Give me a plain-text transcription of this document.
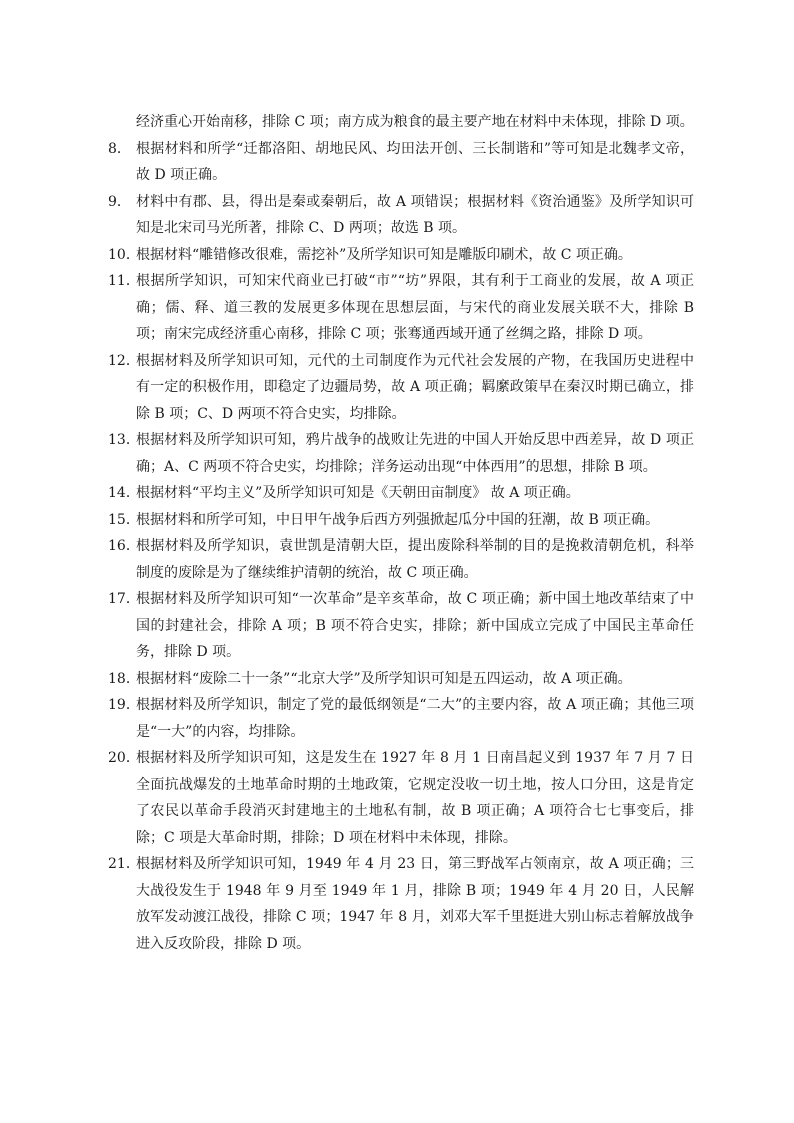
经济重心开始南移，排除 C 项；南方成为粮食的最主要产地在材料中未体现，排除 D 项。
8． 根据材料和所学“迁都洛阳、胡地民风、均田法开创、三长制谐和”等可知是北魏孝文帝，故 D 项正确。
9． 材料中有郡、县，得出是秦或秦朝后，故 A 项错误；根据材料《资治通鉴》及所学知识可知是北宋司马光所著，排除 C、D 两项；故选 B 项。
10．
根据材料“雕错修改很难，需挖补”及所学知识可知是雕版印刷术，故 C 项正确。
11．
根据所学知识，可知宋代商业已打破“市”“坊”界限，其有利于工商业的发展，故 A 项正确；儒、释、道三教的发展更多体现在思想层面，与宋代的商业发展关联不大，排除 B 项；南宋完成经济重心南移，排除 C 项；张骞通西域开通了丝绸之路，排除 D 项。
12．
根据材料及所学知识可知，元代的土司制度作为元代社会发展的产物，在我国历史进程中有一定的积极作用，即稳定了边疆局势，故 A 项正确；羁縻政策早在秦汉时期已确立，排除 B 项；C、D 两项不符合史实，均排除。
13．
根据材料及所学知识可知，鸦片战争的战败让先进的中国人开始反思中西差异，故 D 项正确；A、C 两项不符合史实，均排除；洋务运动出现“中体西用”的思想，排除 B 项。
14．
根据材料“平均主义”及所学知识可知是《天朝田亩制度》 故 A 项正确。
15．
根据材料和所学可知，中日甲午战争后西方列强掀起瓜分中国的狂潮，故 B 项正确。
16．
根据材料及所学知识，袁世凯是清朝大臣，提出废除科举制的目的是挽救清朝危机，科举制度的废除是为了继续维护清朝的统治，故 C 项正确。
17．
根据材料及所学知识可知“一次革命”是辛亥革命，故 C 项正确；新中国土地改革结束了中国的封建社会，排除 A 项；B 项不符合史实，排除；新中国成立完成了中国民主革命任务，排除 D 项。
18．
根据材料“废除二十一条”“北京大学”及所学知识可知是五四运动，故 A 项正确。
19．
根据材料及所学知识，制定了党的最低纲领是“二大”的主要内容，故 A 项正确；其他三项是“一大”的内容，均排除。
20．
根据材料及所学知识可知，这是发生在 1927 年 8 月 1 日南昌起义到 1937 年 7 月 7 日全面抗战爆发的土地革命时期的土地政策，它规定没收一切土地，按人口分田，这是肯定了农民以革命手段消灭封建地主的土地私有制，故 B 项正确；A 项符合七七事变后，排除；C 项是大革命时期，排除；D 项在材料中未体现，排除。
21．
根据材料及所学知识可知，1949 年 4 月 23 日，第三野战军占领南京，故 A 项正确；三大战役发生于 1948 年 9 月至 1949 年 1 月，排除 B 项；1949 年 4 月 20 日，人民解放军发动渡江战役，排除 C 项；1947 年 8 月，刘邓大军千里挺进大别山标志着解放战争进入反攻阶段，排除 D 项。
